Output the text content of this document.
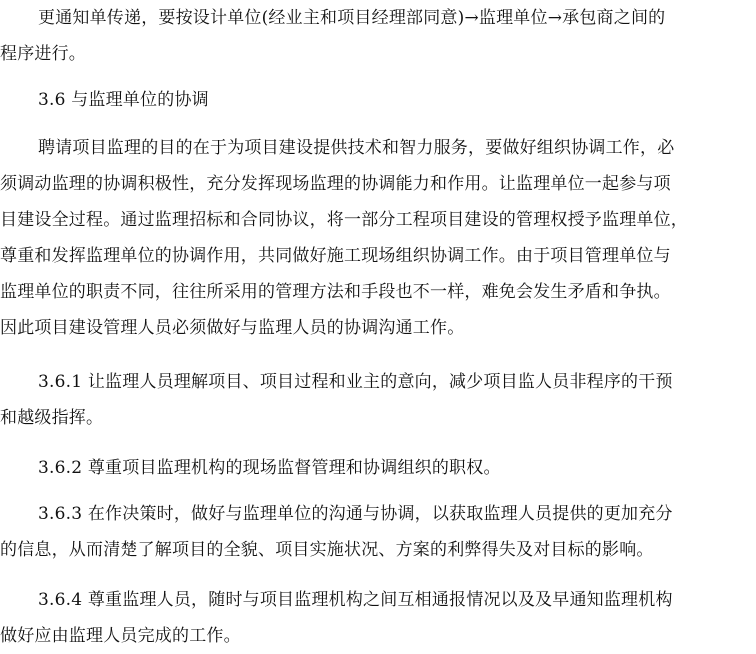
更通知单传递，要按设计单位(经业主和项目经理部同意)→监理单位→承包商之间的
程序进行。
3.6 与监理单位的协调
聘请项目监理的目的在于为项目建设提供技术和智力服务，要做好组织协调工作，必
须调动监理的协调积极性，充分发挥现场监理的协调能力和作用。让监理单位一起参与项
目建设全过程。通过监理招标和合同协议，将一部分工程项目建设的管理权授予监理单位，
尊重和发挥监理单位的协调作用，共同做好施工现场组织协调工作。由于项目管理单位与
监理单位的职责不同，往往所采用的管理方法和手段也不一样，难免会发生矛盾和争执。
因此项目建设管理人员必须做好与监理人员的协调沟通工作。
3.6.1 让监理人员理解项目、项目过程和业主的意向，减少项目监人员非程序的干预
和越级指挥。
3.6.2 尊重项目监理机构的现场监督管理和协调组织的职权。
3.6.3 在作决策时，做好与监理单位的沟通与协调，以获取监理人员提供的更加充分
的信息，从而清楚了解项目的全貌、项目实施状况、方案的利弊得失及对目标的影响。
3.6.4 尊重监理人员，随时与项目监理机构之间互相通报情况以及及早通知监理机构
做好应由监理人员完成的工作。
